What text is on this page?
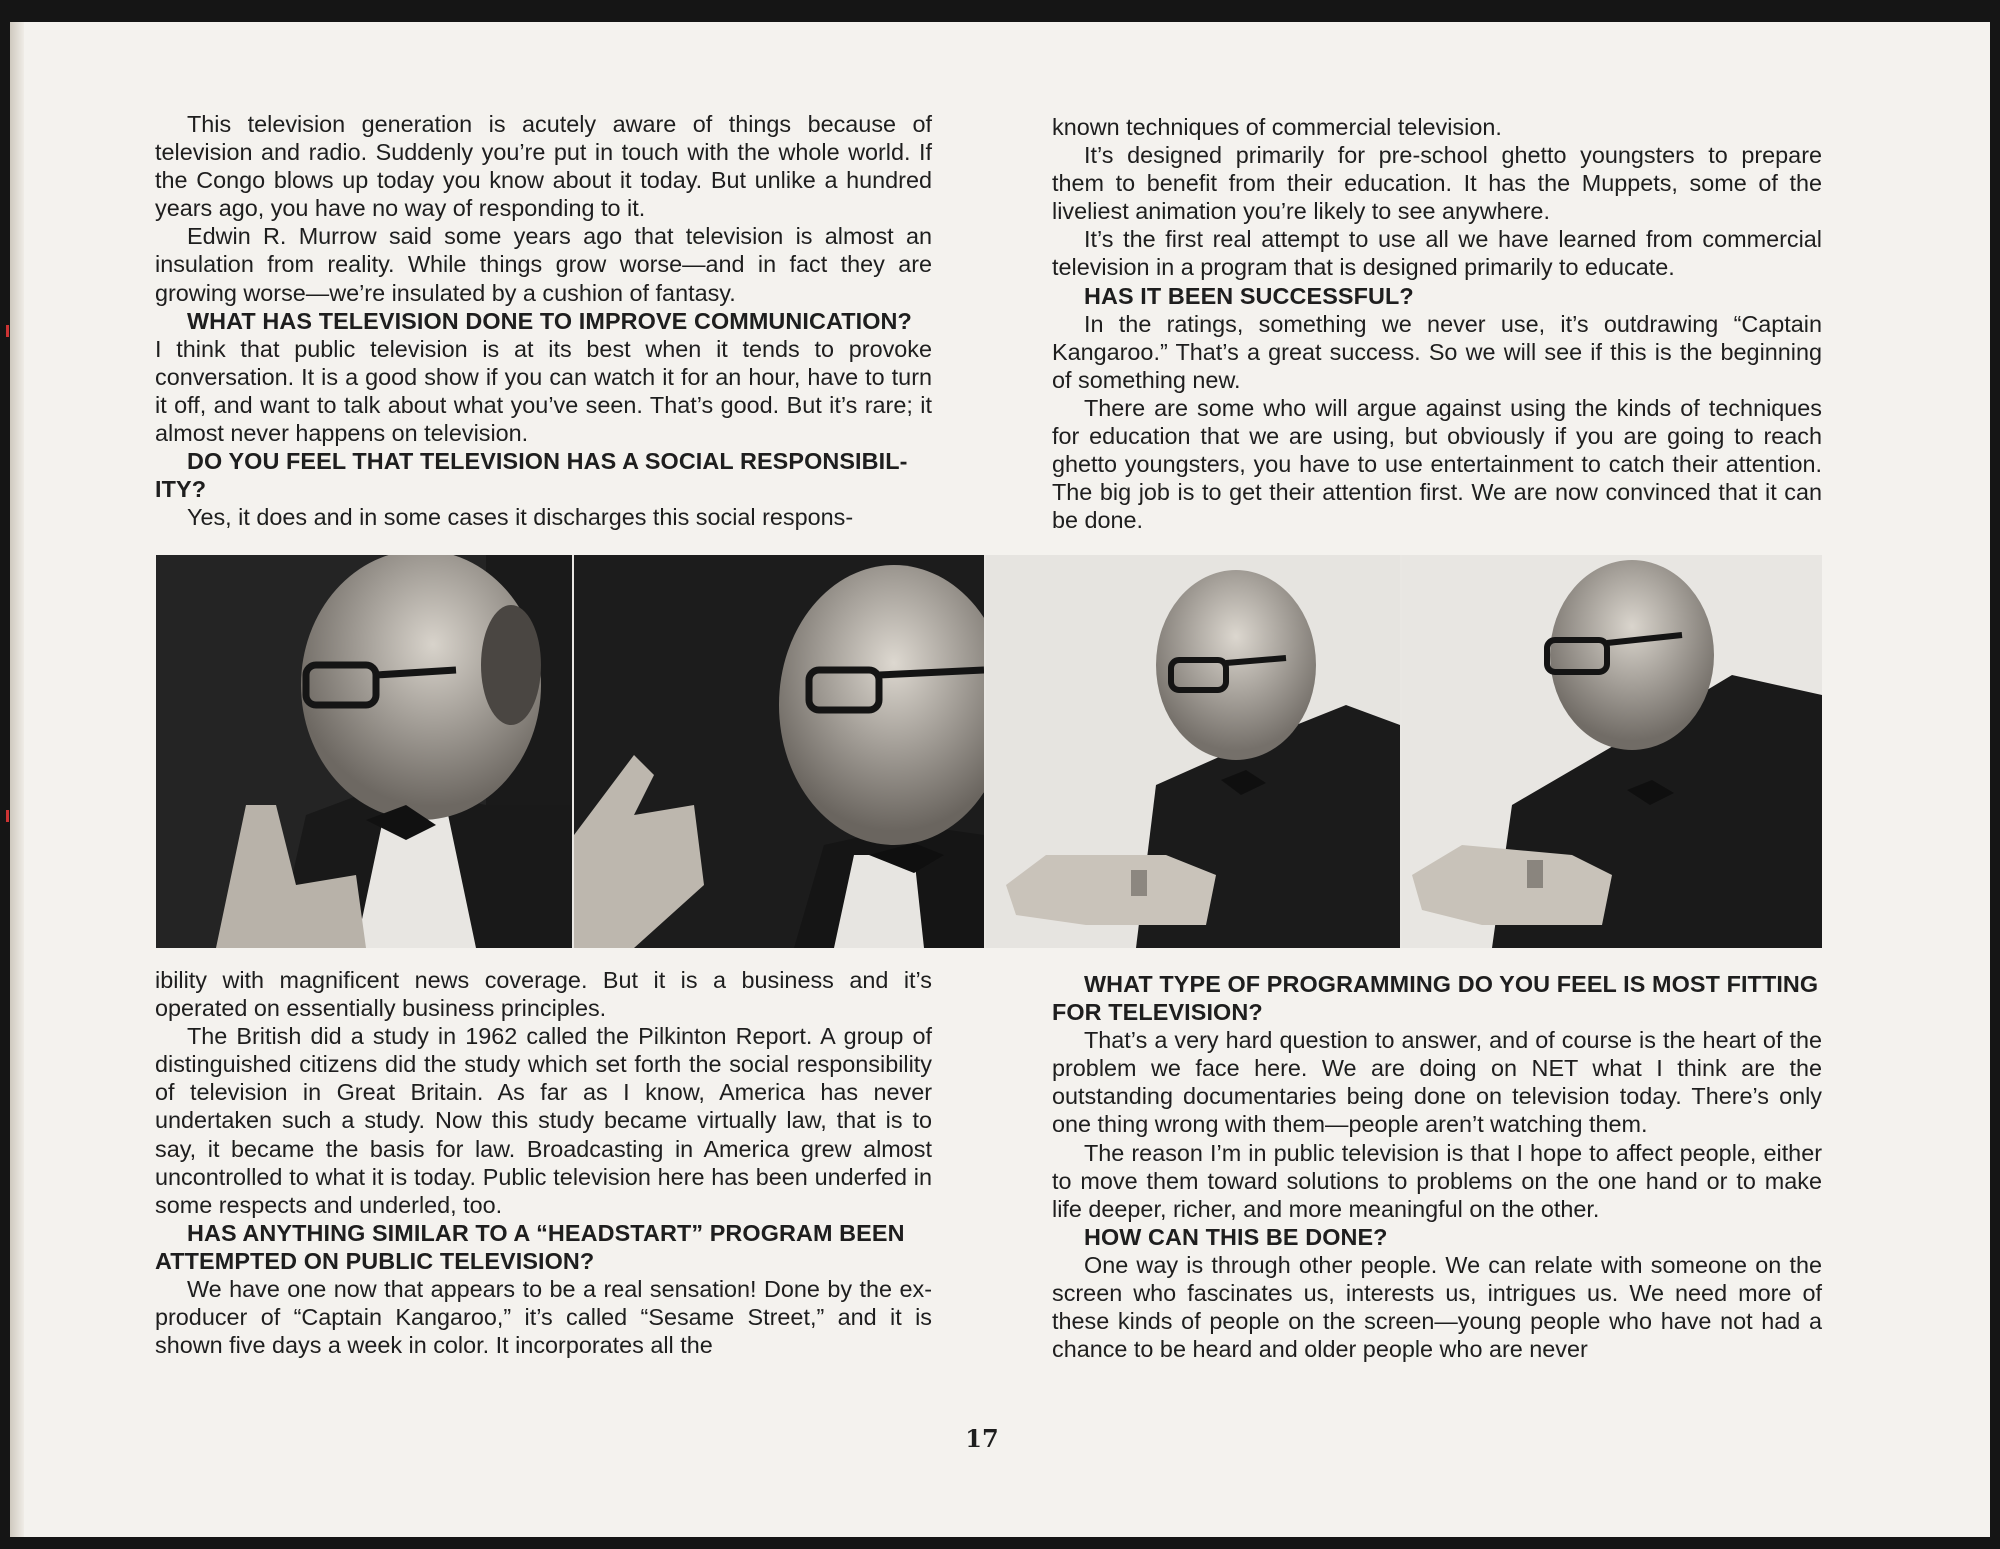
This television generation is acutely aware of things because of television and radio. Suddenly you’re put in touch with the whole world. If the Congo blows up today you know about it today. But unlike a hundred years ago, you have no way of responding to it.

Edwin R. Murrow said some years ago that television is almost an insulation from reality. While things grow worse—and in fact they are growing worse—we’re insulated by a cushion of fantasy.

WHAT HAS TELEVISION DONE TO IMPROVE COMMUNICATION?

I think that public television is at its best when it tends to provoke conversation. It is a good show if you can watch it for an hour, have to turn it off, and want to talk about what you’ve seen. That’s good. But it’s rare; it almost never happens on television.

DO YOU FEEL THAT TELEVISION HAS A SOCIAL RESPONSIBILITY?

Yes, it does and in some cases it discharges this social respons-

known techniques of commercial television.

It’s designed primarily for pre-school ghetto youngsters to prepare them to benefit from their education. It has the Muppets, some of the liveliest animation you’re likely to see anywhere.

It’s the first real attempt to use all we have learned from commercial television in a program that is designed primarily to educate.

HAS IT BEEN SUCCESSFUL?

In the ratings, something we never use, it’s outdrawing “Captain Kangaroo.” That’s a great success. So we will see if this is the beginning of something new.

There are some who will argue against using the kinds of techniques for education that we are using, but obviously if you are going to reach ghetto youngsters, you have to use entertainment to catch their attention. The big job is to get their attention first. We are now convinced that it can be done.

ibility with magnificent news coverage. But it is a business and it’s operated on essentially business principles.

The British did a study in 1962 called the Pilkinton Report. A group of distinguished citizens did the study which set forth the social responsibility of television in Great Britain. As far as I know, America has never undertaken such a study. Now this study became virtually law, that is to say, it became the basis for law. Broadcasting in America grew almost uncontrolled to what it is today. Public television here has been underfed in some respects and underled, too.

HAS ANYTHING SIMILAR TO A “HEADSTART” PROGRAM BEEN ATTEMPTED ON PUBLIC TELEVISION?

We have one now that appears to be a real sensation! Done by the ex-producer of “Captain Kangaroo,” it’s called “Sesame Street,” and it is shown five days a week in color. It incorporates all the

WHAT TYPE OF PROGRAMMING DO YOU FEEL IS MOST FITTING FOR TELEVISION?

That’s a very hard question to answer, and of course is the heart of the problem we face here. We are doing on NET what I think are the outstanding documentaries being done on television today. There’s only one thing wrong with them—people aren’t watching them.

The reason I’m in public television is that I hope to affect people, either to move them toward solutions to problems on the one hand or to make life deeper, richer, and more meaningful on the other.

HOW CAN THIS BE DONE?

One way is through other people. We can relate with someone on the screen who fascinates us, interests us, intrigues us. We need more of these kinds of people on the screen—young people who have not had a chance to be heard and older people who are never

17
